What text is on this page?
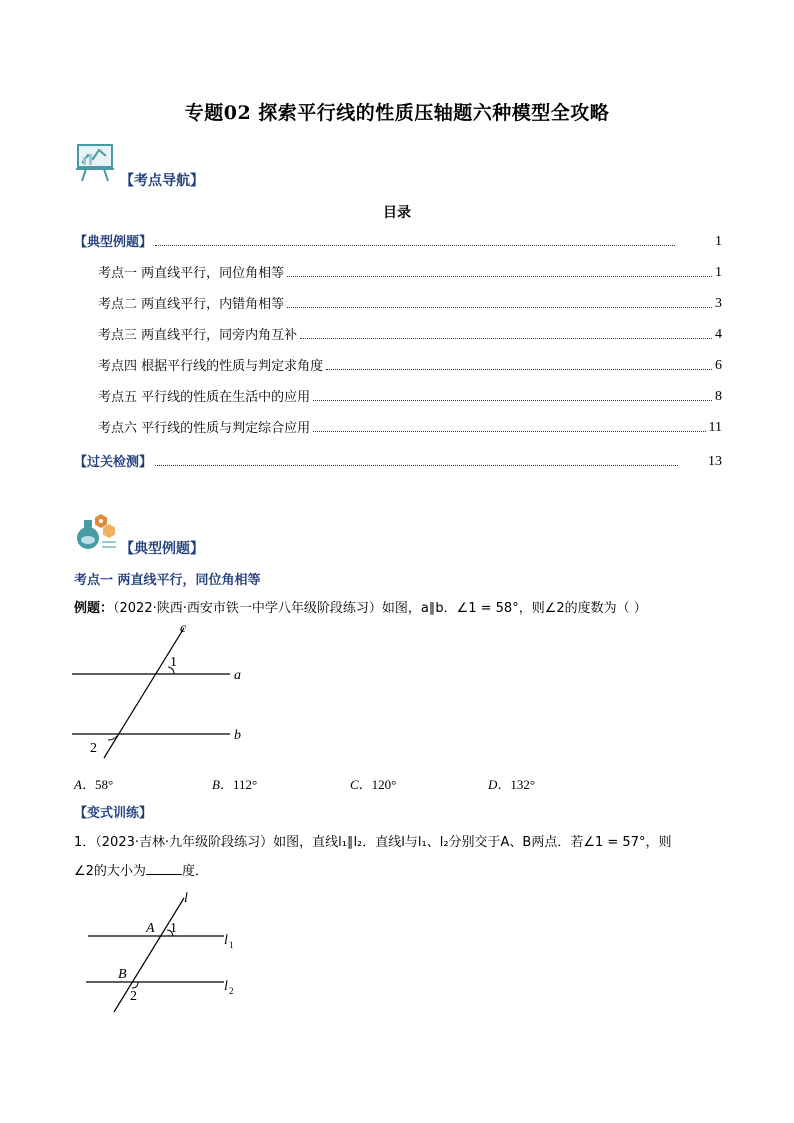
专题02 探索平行线的性质压轴题六种模型全攻略
【考点导航】
目录
【典型例题】	1
考点一 两直线平行，同位角相等	1
考点二 两直线平行，内错角相等	3
考点三 两直线平行，同旁内角互补	4
考点四 根据平行线的性质与判定求角度	6
考点五 平行线的性质在生活中的应用	8
考点六 平行线的性质与判定综合应用	11
【过关检测】	13
【典型例题】
考点一 两直线平行，同位角相等
例题：（2022·陕西·西安市铁一中学八年级阶段练习）如图，a∥b．∠1 = 58°，则∠2的度数为（ ）
c
1
a
b
2
A．58°	B．112°	C．120°	D．132°
【变式训练】
1．（2023·吉林·九年级阶段练习）如图，直线l₁∥l₂．直线l与l₁、l₂分别交于A、B两点．若∠1 = 57°，则
∠2的大小为	度．
l
A 1
l 1
B
2
l 2
